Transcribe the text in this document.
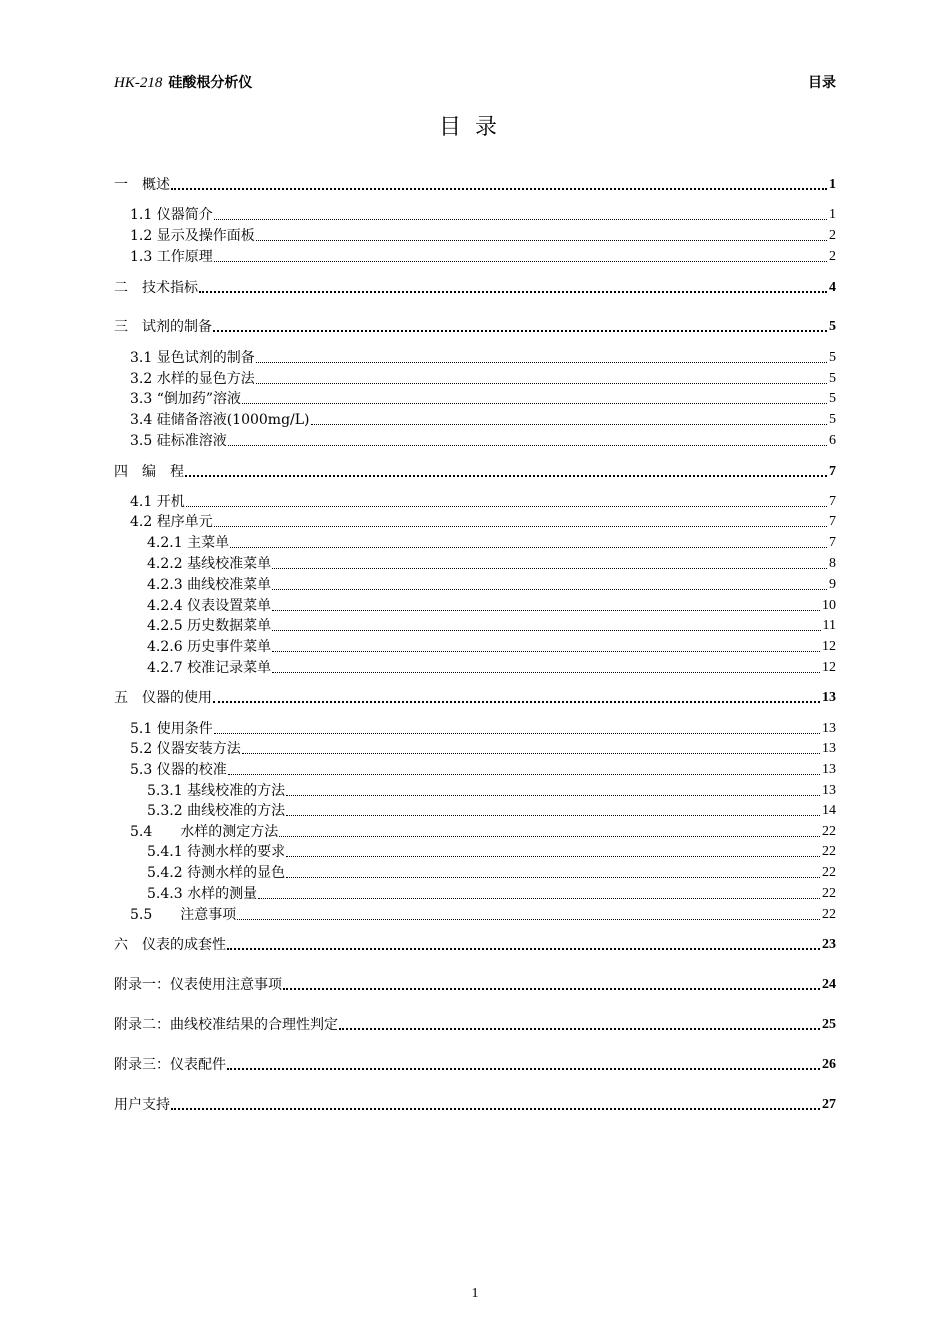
HK-218 硅酸根分析仪	目录
目录
一　概述	1
1.1 仪器简介	1
1.2 显示及操作面板	2
1.3 工作原理	2
二　技术指标	4
三　试剂的制备	5
3.1 显色试剂的制备	5
3.2 水样的显色方法	5
3.3 “倒加药”溶液	5
3.4 硅储备溶液(1000mg/L)	5
3.5 硅标准溶液	6
四　编　程	7
4.1 开机	7
4.2 程序单元	7
4.2.1 主菜单	7
4.2.2 基线校准菜单	8
4.2.3 曲线校准菜单	9
4.2.4 仪表设置菜单	10
4.2.5 历史数据菜单	11
4.2.6 历史事件菜单	12
4.2.7 校准记录菜单	12
五　仪器的使用	13
5.1 使用条件	13
5.2 仪器安装方法	13
5.3 仪器的校准	13
5.3.1 基线校准的方法	13
5.3.2 曲线校准的方法	14
5.4　　水样的测定方法	22
5.4.1 待测水样的要求	22
5.4.2 待测水样的显色	22
5.4.3 水样的测量	22
5.5　　注意事项	22
六　仪表的成套性	23
附录一：仪表使用注意事项	24
附录二：曲线校准结果的合理性判定	25
附录三：仪表配件	26
用户支持	27
1
